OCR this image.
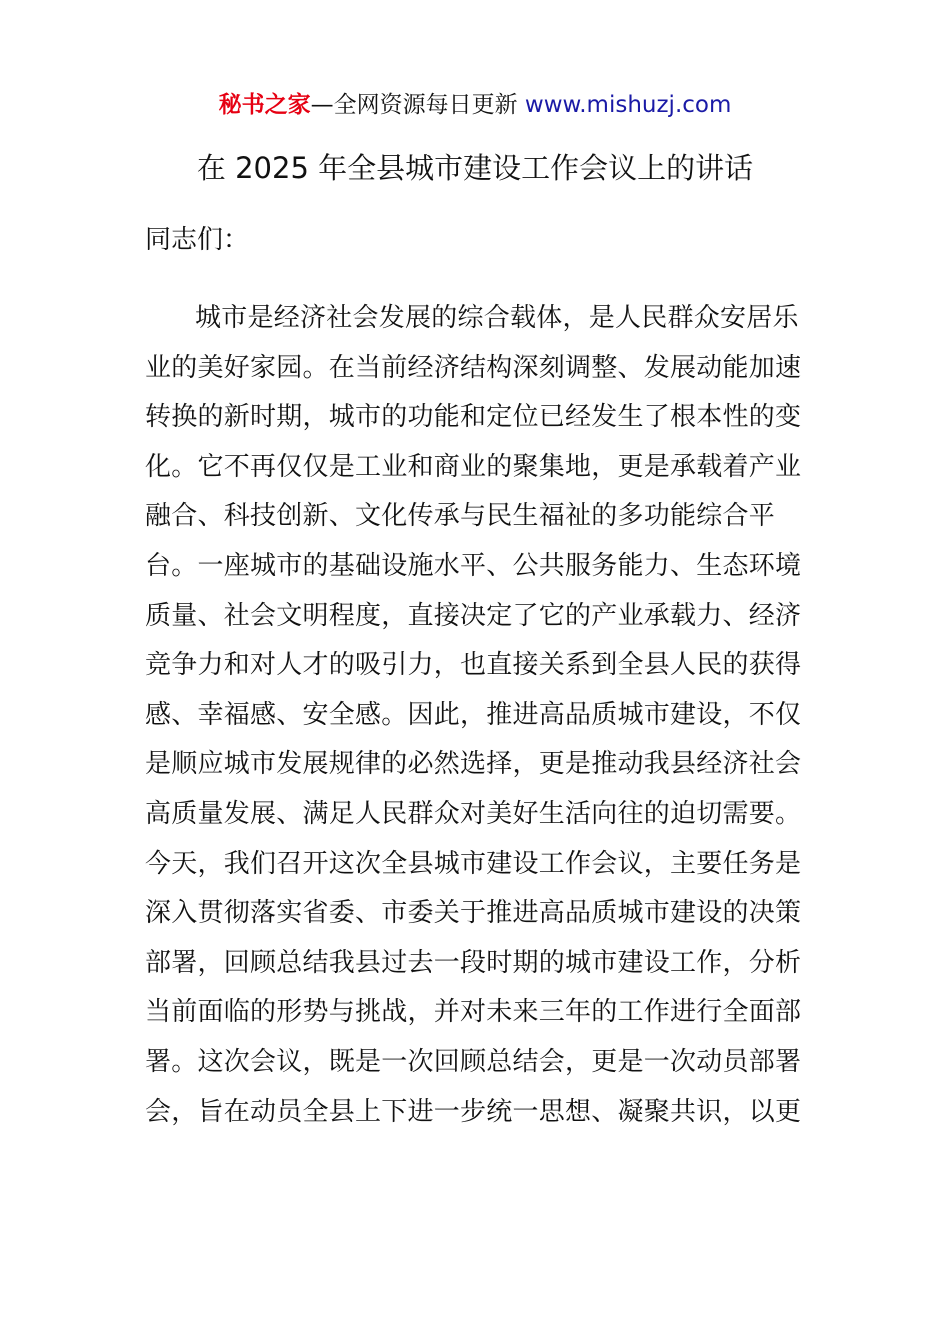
秘书之家—全网资源每日更新 www.mishuzj.com
在 2025 年全县城市建设工作会议上的讲话
同志们：
城市是经济社会发展的综合载体，是人民群众安居乐
业的美好家园。在当前经济结构深刻调整、发展动能加速
转换的新时期，城市的功能和定位已经发生了根本性的变
化。它不再仅仅是工业和商业的聚集地，更是承载着产业
融合、科技创新、文化传承与民生福祉的多功能综合平
台。一座城市的基础设施水平、公共服务能力、生态环境
质量、社会文明程度，直接决定了它的产业承载力、经济
竞争力和对人才的吸引力，也直接关系到全县人民的获得
感、幸福感、安全感。因此，推进高品质城市建设，不仅
是顺应城市发展规律的必然选择，更是推动我县经济社会
高质量发展、满足人民群众对美好生活向往的迫切需要。
今天，我们召开这次全县城市建设工作会议，主要任务是
深入贯彻落实省委、市委关于推进高品质城市建设的决策
部署，回顾总结我县过去一段时期的城市建设工作，分析
当前面临的形势与挑战，并对未来三年的工作进行全面部
署。这次会议，既是一次回顾总结会，更是一次动员部署
会，旨在动员全县上下进一步统一思想、凝聚共识，以更
